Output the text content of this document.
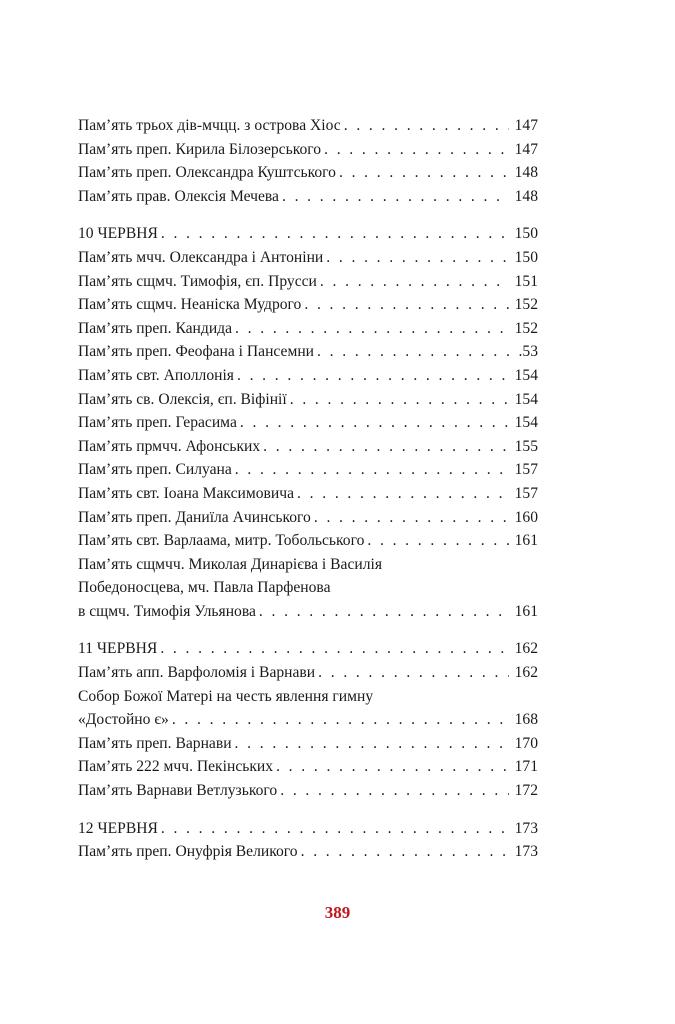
Пам’ять трьох дів-мчцц. з острова Хіос . . .	147
Пам’ять преп. Кирила Білозерського . . .	147
Пам’ять преп. Олександра Куштського . . .	148
Пам’ять прав. Олексія Мечева . . .	148
10 ЧЕРВНЯ . . .	150
Пам’ять мчч. Олександра і Антоніни . . .	150
Пам’ять сщмч. Тимофія, єп. Прусси . . .	151
Пам’ять сщмч. Неаніска Мудрого . . .	152
Пам’ять преп. Кандида . . .	152
Пам’ять преп. Феофана і Пансемни . . .	.53
Пам’ять свт. Аполлонія . . .	154
Пам’ять св. Олексія, єп. Віфінії . . .	154
Пам’ять преп. Герасима . . .	154
Пам’ять прмчч. Афонських . . .	155
Пам’ять преп. Силуана . . .	157
Пам’ять свт. Іоана Максимовича . . .	157
Пам’ять преп. Даниїла Ачинського . . .	160
Пам’ять свт. Варлаама, митр. Тобольського . . .	161
Пам’ять сщмчч. Миколая Динарієва і Василія
Победоносцева, мч. Павла Парфенова
в сщмч. Тимофія Ульянова . . .	161
11 ЧЕРВНЯ . . .	162
Пам’ять апп. Варфоломія і Варнави . . .	162
Собор Божої Матері на честь явлення гимну
«Достойно є» . . .	168
Пам’ять преп. Варнави . . .	170
Пам’ять 222 мчч. Пекінських . . .	171
Пам’ять Варнави Ветлузького . . .	172
12 ЧЕРВНЯ . . .	173
Пам’ять преп. Онуфрія Великого . . .	173
389
